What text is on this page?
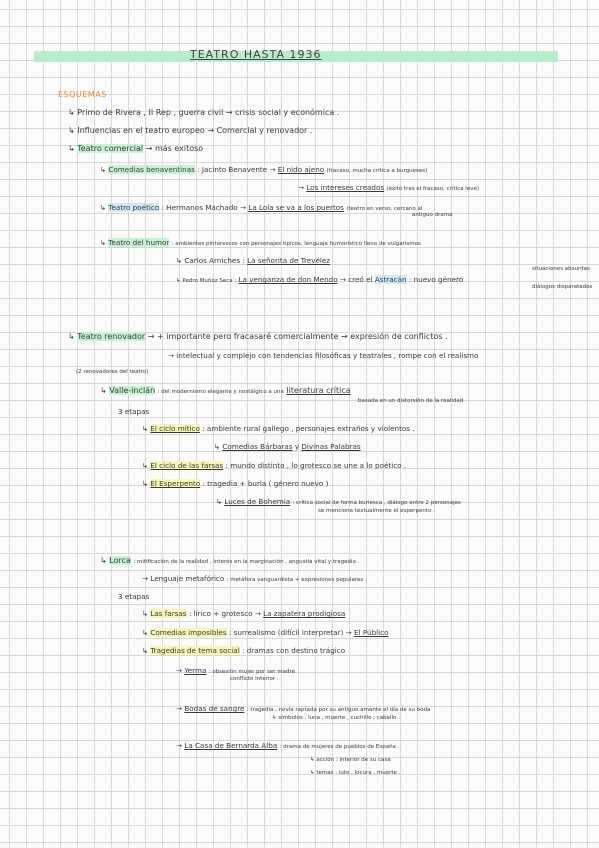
TEATRO HASTA 1936
ESQUEMAS
↳ Primo de Rivera , II Rep , guerra civil → crisis social y económica .
↳ Influencias en el teatro europeo → Comercial y renovador .
↳ Teatro comercial → más exitoso
↳ Comedias benaventinas : Jacinto Benavente → El nido ajeno (fracaso, mucha crítica a burgueses)
→ Los intereses creados (éxito tras el fracaso, crítica leve)
↳ Teatro poético : Hermanos Machado → La Lola se va a los puertos (teatro en verso, cercano al
antiguo drama
↳ Teatro del humor : ambientes pintorescos con personajes típicos, lenguaje humorístico lleno de vulgarismos
↳ Carlos Arniches : La señorita de Trevélez
↳ Pedro Muñoz Seca : La venganza de don Mendo → creó el Astracán : nuevo género
situaciones absurdas
diálogos disparatados
↳ Teatro renovador → + importante pero fracasaré comercialmente → expresión de conflictos .
→ intelectual y complejo con tendencias filosóficas y teatrales , rompe con el realismo
(2 renovadores del teatro)
↳ Valle-inclán : del modernismo elegante y nostálgico a una literatura crítica
basada en un distorsión de la realidad
3 etapas
↳ El ciclo mítico : ambiente rural gallego , personajes extraños y violentos .
↳ Comedias Bárbaras y Divinas Palabras
↳ El ciclo de las farsas : mundo distinto , lo grotesco se une a lo poético .
↳ El Esperpento : tragedia + burla ( género nuevo )
↳ Luces de Bohemia : crítica social de forma burlesca , diálogo entre 2 personajes
se menciona textualmente el esperpento .
↳ Lorca : mitificación de la realidad , interés en la marginación , angustia vital y tragedia .
→ Lenguaje metafórico : metáfora vanguardista + expresiones populares .
3 etapas
↳ Las farsas : lírico + grotesco → La zapatera prodigiosa
↳ Comedias imposibles : surrealismo (difícil interpretar) → El Público
↳ Tragedias de tema social : dramas con destino trágico
→ Yerma : obsesión mujer por ser madre
conflicto interior .
→ Bodas de sangre : tragedia , novia raptada por su antiguo amante el día de su boda
↳ símbolos : luna , muerte , cuchillo , caballo .
→ La Casa de Bernarda Alba : drama de mujeres de pueblos de España .
↳ acción : interior de su casa
↳ temas : luto , locura , muerte .
